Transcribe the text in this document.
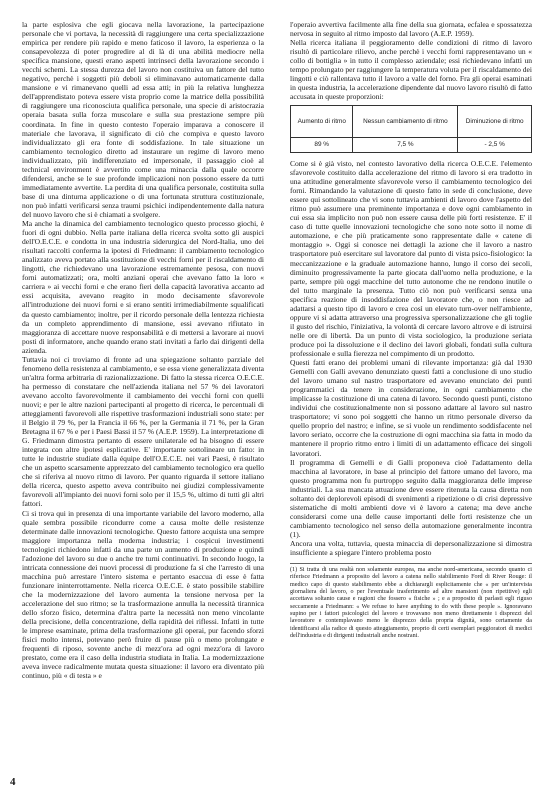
la parte esplosiva che egli giocava nella lavorazione, la partecipazione personale che vi portava, la necessità di raggiungere una certa specializzazione empirica per rendere più rapido e meno faticoso il lavoro, la esperienza o la consapevolezza di poter progredire al di là di una abilità mediocre nella specifica mansione, questi erano aspetti intrinseci della lavorazione secondo i vecchi schemi. La stessa durezza del lavoro non costituiva un fattore del tutto negativo, perchè i soggetti più deboli si eliminavano automaticamente dalla mansione e vi rimanevano quelli ad essa atti; in più la relativa lunghezza dell'apprendistato poteva essere vista proprio come la matrice della possibilità di raggiungere una riconosciuta qualifica personale, una specie di aristocrazia operaia basata sulla forza muscolare e sulla sua prestazione sempre più coordinata. In fine in questo contesto l'operaio imparava a conoscere il materiale che lavorava, il significato di ciò che compiva e questo lavoro individualizzato gli era fonte di soddisfazione. In tale situazione un cambiamento tecnologico diretto ad instaurare un regime di lavoro meno individualizzato, più indifferenziato ed impersonale, il passaggio cioè al technical environment è avvertito come una minaccia dalla quale occorre difendersi, anche se le sue profonde implicazioni non possono essere da tutti immediatamente avvertite. La perdita di una qualifica personale, costituita sulla base di una dinturna applicazione o di una fortunata struttura costituzionale, non può infatti verificarsi senza traumi psichici indipendentemente dalla natura del nuovo lavoro che si è chiamati a svolgere.

Ma anche la dinamica del cambiamento tecnologico questo processo giochi, è fuori di ogni dubbio. Nella parte italiana della ricerca svolta sotto gli auspici dell'O.E.C.E. e condotta in una industria siderurgica del Nord-Italia, uno dei risultati raccolti conferma la ipotesi di Friedmann: il cambiamento tecnologico analizzato aveva portato alla sostituzione di vecchi forni per il riscaldamento di lingotti, che richiedevano una lavorazione estremamente pesosa, con nuovi forni automatizzati; ora, molti anziani operai che avevano fatto la loro « carriera » ai vecchi forni e che erano fieri della capacità lavorativa accanto ad essi acquisita, avevano reagito in modo decisamente sfavorevole all'introduzione dei nuovi forni e si erano sentiti irrimediabilmente squalificati da questo cambiamento; inoltre, per il ricordo personale della lentezza richiesta da un completo apprendimento di mansione, essi avevano rifiutato in maggioranza di accettare nuove responsabilità e di mettersi a lavorare ai nuovi posti di informatore, anche quando erano stati invitati a farlo dai dirigenti della azienda.

Tuttavia noi ci troviamo di fronte ad una spiegazione soltanto parziale del fenomeno della resistenza al cambiamento, e se essa viene generalizzata diventa un'altra forma arbitraria di razionalizzazione. Di fatto la stessa ricerca O.E.C.E. ha permesso di constatare che nell'azienda italiana nel 57 % dei lavoratori avevano accolto favorevolmente il cambiamento dei vecchi forni con quelli nuovi; e per le altre nazioni partecipanti al progetto di ricerca, le percentuali di atteggiamenti favorevoli alle rispettive trasformazioni industriali sono state: per il Belgio il 79 %, per la Francia il 66 %, per la Germania il 71 %, per la Gran Bretagna il 67 % e per i Paesi Bassi il 57 % (A.E.P. 1959). La interpretazione di G. Friedmann dimostra pertanto di essere unilaterale ed ha bisogno di essere integrata con altre ipotesi esplicative. E' importante sottolineare un fatto: in tutte le industrie studiate dalla équipe dell'O.E.C.E. nei vari Paesi, è risultato che un aspetto scarsamente apprezzato del cambiamento tecnologico era quello che si riferiva al nuovo ritmo di lavoro. Per quanto riguarda il settore italiano della ricerca, questo aspetto aveva contribuito nei giudizi complessivamente favorevoli all'impianto dei nuovi forni solo per il 15,5 %, ultimo di tutti gli altri fattori.

Ci si trova qui in presenza di una importante variabile del lavoro moderno, alla quale sembra possibile ricondurre come a causa molte delle resistenze determinate dalle innovazioni tecnologiche. Questo fattore acquista una sempre maggiore importanza nella moderna industria; i cospicui investimenti tecnologici richiedono infatti da una parte un aumento di produzione e quindi l'adozione del lavoro su due o anche tre turni continuativi. In secondo luogo, la intricata connessione dei nuovi processi di produzione fa sì che l'arresto di una macchina può arrestare l'intero sistema e pertanto esaccua di esse è fatta funzionare ininterrottamente. Nella ricerca O.E.C.E. è stato possibile stabilire che la modernizzazione del lavoro aumenta la tensione nervosa per la accelerazione del suo ritmo; se la trasformazione annulla la necessità tirannica dello sforzo fisico, determina d'altra parte la necessità non meno vincolante della precisione, della concentrazione, della rapidità dei riflessi. Infatti in tutte le imprese esaminate, prima della trasformazione gli operai, pur facendo sforzi fisici molto intensi, potevano però fruire di pause più o meno prolungate e frequenti di riposo, sovente anche di mezz'ora ad ogni mezz'ora di lavoro prestato, come era il caso della industria studiata in Italia. La modernizzazione aveva invece radicalmente mutata questa situazione: il lavoro era diventato più continuo, più « di testa » e

l'operaio avvertiva facilmente alla fine della sua giornata, ecfalea e spossatezza nervosa in seguito al ritmo imposto dal lavoro (A.E.P. 1959).

Nella ricerca italiana il peggioramento delle condizioni di ritmo di lavoro risultò di particolare rilievo, anche perchè i vecchi forni rappresentavano un « collo di bottiglia » in tutto il complesso aziendale; essi richiedevano infatti un tempo prolungato per raggiungere la temperatura voluta per il riscaldamento dei lingotti e ciò rallentava tutto il lavoro a valle del forno. Fra gli operai esaminati in questa industria, la accelerazione dipendente dal nuovo lavoro risultò di fatto accusata in queste proporzioni:

Aumento di ritmo	Nessun cambiamento di ritmo	Diminuzione di ritmo
89 %	7,5 %	- 2,5 %

Come si è già visto, nel contesto lavorativo della ricerca O.E.C.E. l'elemento sfavorevole costituito dalla accelerazione del ritmo di lavoro si era tradotto in una attitudine generalmente sfavorevole verso il cambiamento tecnologico dei forni. Rimandando la valutazione di questo fatto in sede di conclusione, deve essere qui sottolineato che vi sono tuttavia ambienti di lavoro dove l'aspetto del ritmo può assumere una preminente importanza e dove ogni cambiamento in cui essa sia implicito non può non essere causa delle più forti resistenze. E' il caso di tutte quelle innovazioni tecnologiche che sono note sotto il nome di automazione, e che più praticamente sono rappresentate dalle « catene di montaggio ». Oggi si conosce nei dettagli la azione che il lavoro a nastro trasportatore può esercitare sul lavoratore dal punto di vista psico-fisiologico: la meccanizzazione e la graduale automazione hanno, lungo il corso dei secoli, diminuito progressivamente la parte giocata dall'uomo nella produzione, e la parte, sempre più oggi macchine del tutto autonome che ne rendono inutile o del tutto marginale la presenza. Tutto ciò non può verificarsi senza una specifica reazione di insoddisfazione del lavoratore che, o non riesce ad adattarsi a questo tipo di lavoro e crea così un elevato turn-over nell'ambiente, oppure vi si adatta attraverso una progressiva spersonalizzazione che gli toglie il gusto del rischio, l'iniziativa, la volontà di cercare lavoro altrove e di istruirsi nelle ore di libertà. Da un punto di vista sociologico, la produzione seriata produce poi la dissoluzione e il declino dei lavori globali, fondati sulla cultura professionale e sulla fierezza nel compimento di un prodotto.

Questi fatti erano dei problemi umani di rilevante importanza: già dal 1930 Gemelli con Galli avevano denunziato questi fatti a conclusione di uno studio del lavoro umano sul nastro trasportatore ed avevano enunciato dei punti programmatici da tenere in considerazione, in ogni cambiamento che implicasse la costituzione di una catena di lavoro. Secondo questi punti, cistono individui che costituzionalmente non si possono adattare al lavoro sul nastro trasportatore; vi sono poi soggetti che hanno un ritmo personale diverso da quello proprio del nastro; e infine, se si vuole un rendimento soddisfacente nel lavoro seriato, occorre che la costruzione di ogni macchina sia fatta in modo da mantenere il proprio ritmo entro i limiti di un adattamento efficace dei singoli lavoratori.

Il programma di Gemelli e di Galli proponeva cioè l'adattamento della macchina al lavoratore, in base al principio del fattore umano del lavoro, ma questo programma non fu purtroppo seguito dalla maggioranza delle imprese industriali. La sua mancata attuazione deve essere ritenuta la causa diretta non soltanto dei deplorevoli episodi di svenimenti a ripetizione o di crisi depressive sistematiche di molti ambienti dove vi è lavoro a catena; ma deve anche considerarsi come una delle cause importanti delle forti resistenze che un cambiamento tecnologico nel senso della automazione generalmente incontra (1).

Ancora una volta, tuttavia, questa minaccia di depersonalizzazione si dimostra insufficiente a spiegare l'intero problema posto

(1) Si tratta di una realtà non solamente europea, ma anche nord-americana, secondo quanto ci riferisce Friedmann a proposito del lavoro a catena nello stabilimento Ford di River Rouge: il medico capo di questo stabilimento ebbe a dichiarargli esplicitamente che « per un'intervista giornaliera del lavoro, o per l'eventuale trasferimento ad altre mansioni (non ripetitive) egli accettava soltanto cause e ragioni che fossero « fisiche » ; e a proposito di parlasti egli riguso seccamente a Friedmann: « We refuse to have anything to do with these people ». Ignoravano supino per i fattori psicologici del lavoro e trovavano non meno direttamente i disprezzi del lavoratore e contemplavano meno le disprezzo della propria dignità, sono certamente da identificarsi alla radice di questo atteggiamento, proprio di certi esemplari peggioratori di medici dell'industria e di dirigenti industriali anche nostrani.
4
